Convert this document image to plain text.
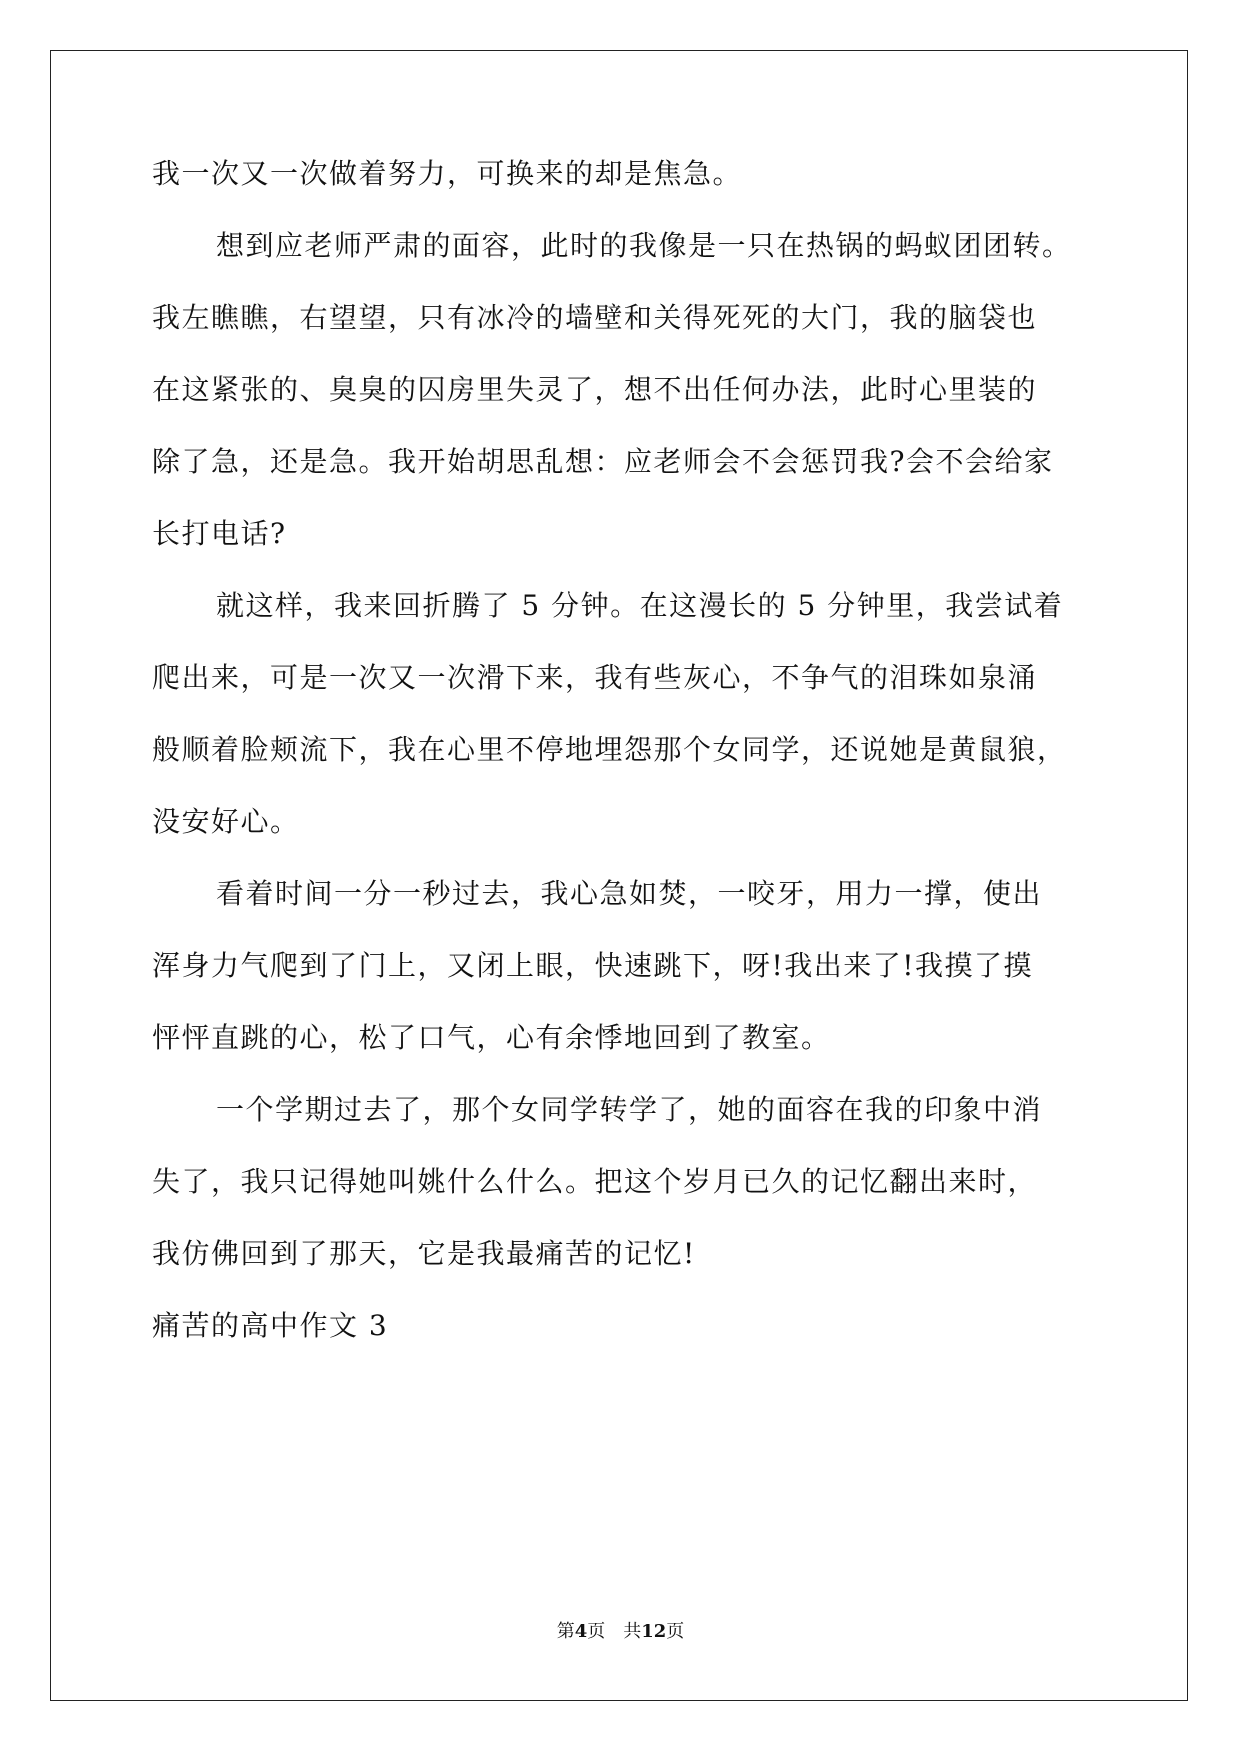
我一次又一次做着努力，可换来的却是焦急。
想到应老师严肃的面容，此时的我像是一只在热锅的蚂蚁团团转。
我左瞧瞧，右望望，只有冰冷的墙壁和关得死死的大门，我的脑袋也
在这紧张的、臭臭的囚房里失灵了，想不出任何办法，此时心里装的
除了急，还是急。我开始胡思乱想：应老师会不会惩罚我?会不会给家
长打电话?
就这样，我来回折腾了 5 分钟。在这漫长的 5 分钟里，我尝试着
爬出来，可是一次又一次滑下来，我有些灰心，不争气的泪珠如泉涌
般顺着脸颊流下，我在心里不停地埋怨那个女同学，还说她是黄鼠狼，
没安好心。
看着时间一分一秒过去，我心急如焚，一咬牙，用力一撑，使出
浑身力气爬到了门上，又闭上眼，快速跳下，呀!我出来了!我摸了摸
怦怦直跳的心，松了口气，心有余悸地回到了教室。
一个学期过去了，那个女同学转学了，她的面容在我的印象中消
失了，我只记得她叫姚什么什么。把这个岁月已久的记忆翻出来时，
我仿佛回到了那天，它是我最痛苦的记忆!
痛苦的高中作文 3
第4页　共12页
